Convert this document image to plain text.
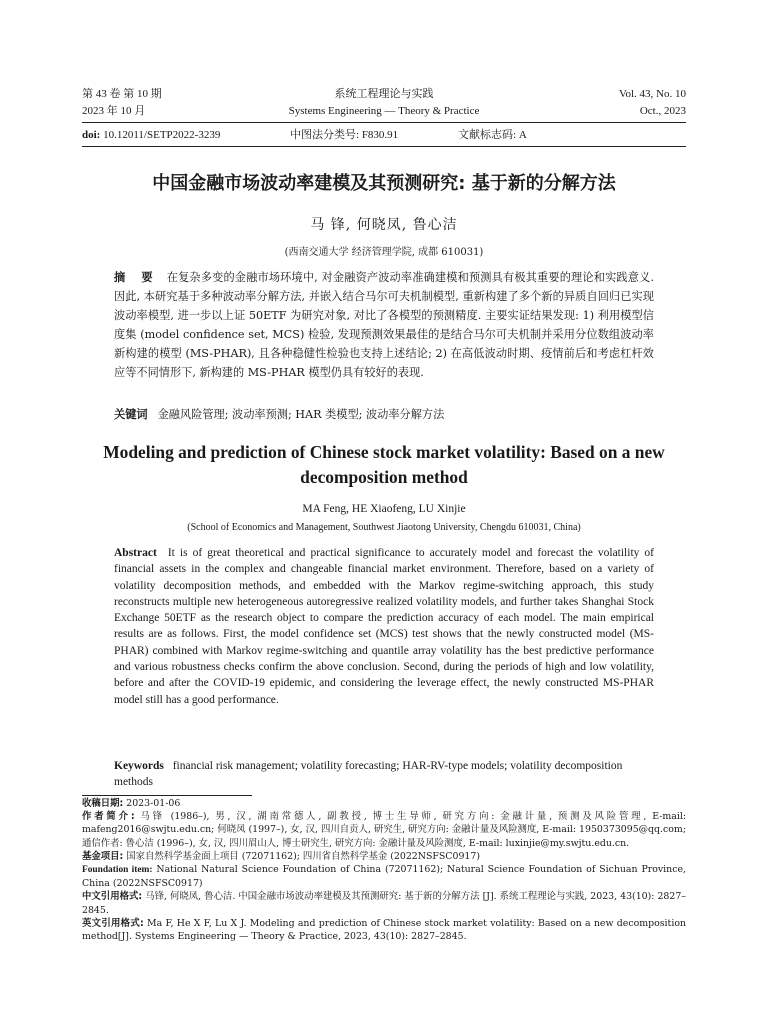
第 43 卷 第 10 期
2023 年 10 月
系统工程理论与实践
Systems Engineering — Theory & Practice
Vol. 43, No. 10
Oct., 2023
doi: 10.12011/SETP2022-3239	中图法分类号: F830.91	文献标志码: A
中国金融市场波动率建模及其预测研究: 基于新的分解方法
马 锋, 何晓凤, 鲁心洁
(西南交通大学 经济管理学院, 成都 610031)
摘 要 在复杂多变的金融市场环境中, 对金融资产波动率准确建模和预测具有极其重要的理论和实践意义. 因此, 本研究基于多种波动率分解方法, 并嵌入结合马尔可夫机制模型, 重新构建了多个新的异质自回归已实现波动率模型, 进一步以上证 50ETF 为研究对象, 对比了各模型的预测精度. 主要实证结果发现: 1) 利用模型信度集 (model confidence set, MCS) 检验, 发现预测效果最佳的是结合马尔可夫机制并采用分位数组波动率新构建的模型 (MS-PHAR), 且各种稳健性检验也支持上述结论; 2) 在高低波动时期、疫情前后和考虑杠杆效应等不同情形下, 新构建的 MS-PHAR 模型仍具有较好的表现.
关键词 金融风险管理; 波动率预测; HAR 类模型; 波动率分解方法
Modeling and prediction of Chinese stock market volatility: Based on a new decomposition method
MA Feng, HE Xiaofeng, LU Xinjie
(School of Economics and Management, Southwest Jiaotong University, Chengdu 610031, China)
Abstract It is of great theoretical and practical significance to accurately model and forecast the volatility of financial assets in the complex and changeable financial market environment. Therefore, based on a variety of volatility decomposition methods, and embedded with the Markov regime-switching approach, this study reconstructs multiple new heterogeneous autoregressive realized volatility models, and further takes Shanghai Stock Exchange 50ETF as the research object to compare the prediction accuracy of each model. The main empirical results are as follows. First, the model confidence set (MCS) test shows that the newly constructed model (MS-PHAR) combined with Markov regime-switching and quantile array volatility has the best predictive performance and various robustness checks confirm the above conclusion. Second, during the periods of high and low volatility, before and after the COVID-19 epidemic, and considering the leverage effect, the newly constructed MS-PHAR model still has a good performance.
Keywords financial risk management; volatility forecasting; HAR-RV-type models; volatility decomposition methods

收稿日期: 2023-01-06

作者简介: 马锋 (1986–), 男, 汉, 湖南常德人, 副教授, 博士生导师, 研究方向: 金融计量, 预测及风险管理, E-mail: mafeng2016@swjtu.edu.cn; 何晓凤 (1997–), 女, 汉, 四川自贡人, 研究生, 研究方向: 金融计量及风险测度, E-mail: 1950373095@qq.com; 通信作者: 鲁心洁 (1996–), 女, 汉, 四川眉山人, 博士研究生, 研究方向: 金融计量及风险测度, E-mail: luxinjie@my.swjtu.edu.cn.

基金项目: 国家自然科学基金面上项目 (72071162); 四川省自然科学基金 (2022NSFSC0917)

Foundation item: National Natural Science Foundation of China (72071162); Natural Science Foundation of Sichuan Province, China (2022NSFSC0917)

中文引用格式: 马锋, 何晓凤, 鲁心洁. 中国金融市场波动率建模及其预测研究: 基于新的分解方法 [J]. 系统工程理论与实践, 2023, 43(10): 2827–2845.

英文引用格式: Ma F, He X F, Lu X J. Modeling and prediction of Chinese stock market volatility: Based on a new decomposition method[J]. Systems Engineering — Theory & Practice, 2023, 43(10): 2827–2845.
